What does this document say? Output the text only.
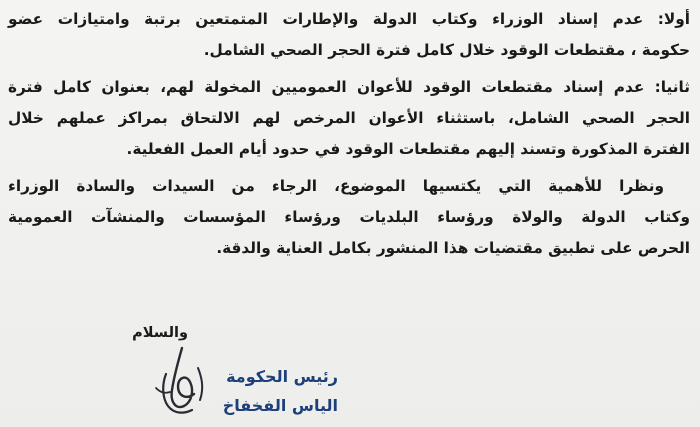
أولا: عدم إسناد الوزراء وكتاب الدولة والإطارات المتمتعين برتبة وامتيازات عضو
حكومة ، مقتطعات الوقود خلال كامل فترة الحجر الصحي الشامل.

ثانيا: عدم إسناد مقتطعات الوقود للأعوان العموميين المخولة لهم، بعنوان كامل فترة
الحجر الصحي الشامل، باستثناء الأعوان المرخص لهم الالتحاق بمراكز عملهم خلال
الفترة المذكورة وتسند إليهم مقتطعات الوقود في حدود أيام العمل الفعلية.

ونظرا للأهمية التي يكتسيها الموضوع، الرجاء من السيدات والسادة الوزراء
وكتاب الدولة والولاة ورؤساء البلديات ورؤساء المؤسسات والمنشآت العمومية
الحرص على تطبيق مقتضيات هذا المنشور بكامل العناية والدقة.

والسلام
رئيس الحكومة
الياس الفخفاخ
